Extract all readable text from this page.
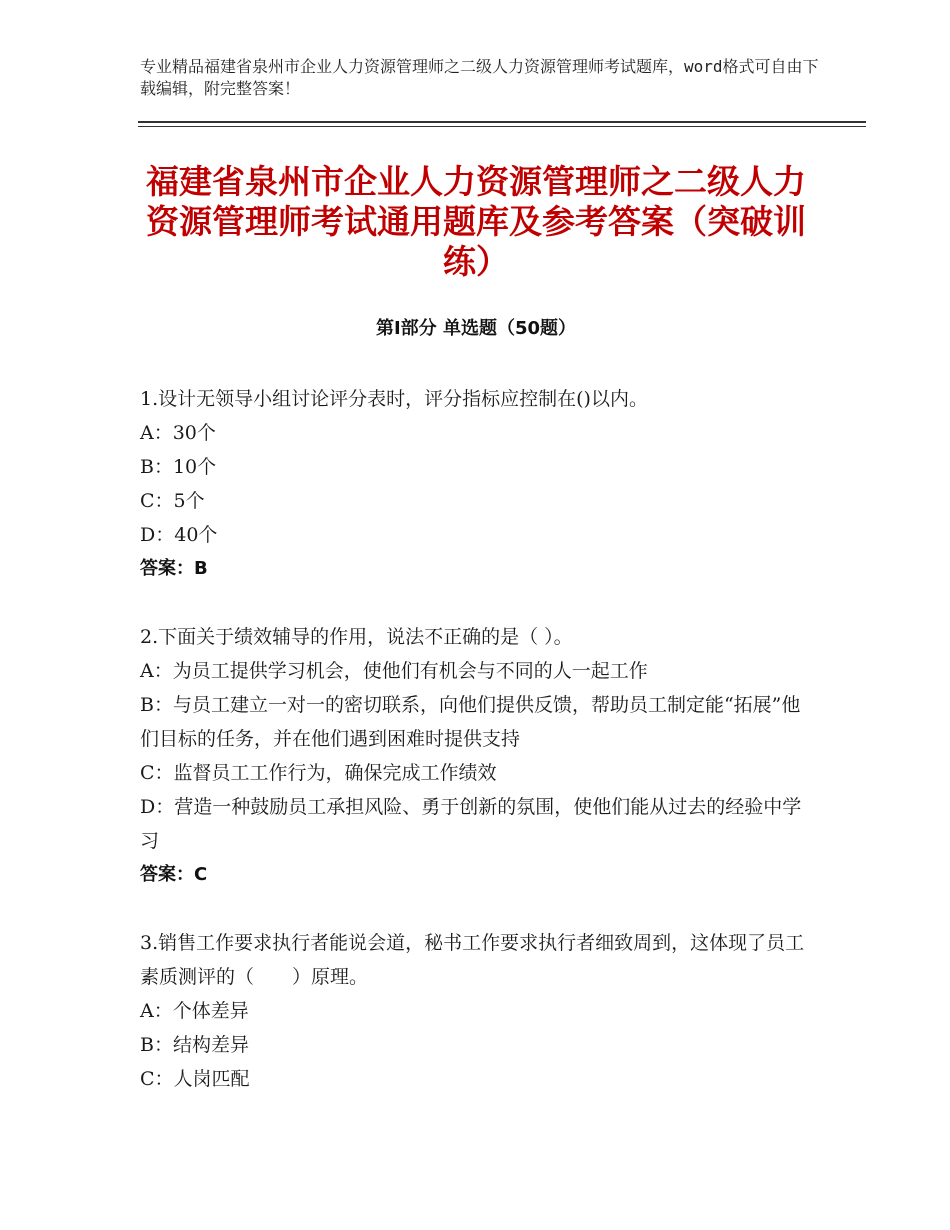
专业精品福建省泉州市企业人力资源管理师之二级人力资源管理师考试题库，word格式可自由下载编辑，附完整答案！
福建省泉州市企业人力资源管理师之二级人力资源管理师考试通用题库及参考答案（突破训练）
第Ⅰ部分 单选题（50题）
1.设计无领导小组讨论评分表时，评分指标应控制在()以内。
A：30个
B：10个
C：5个
D：40个
答案：B
2.下面关于绩效辅导的作用，说法不正确的是（ ）。
A：为员工提供学习机会，使他们有机会与不同的人一起工作
B：与员工建立一对一的密切联系，向他们提供反馈，帮助员工制定能“拓展”他们目标的任务，并在他们遇到困难时提供支持
C：监督员工工作行为，确保完成工作绩效
D：营造一种鼓励员工承担风险、勇于创新的氛围，使他们能从过去的经验中学习
答案：C
3.销售工作要求执行者能说会道，秘书工作要求执行者细致周到，这体现了员工素质测评的（　　）原理。
A：个体差异
B：结构差异
C：人岗匹配
